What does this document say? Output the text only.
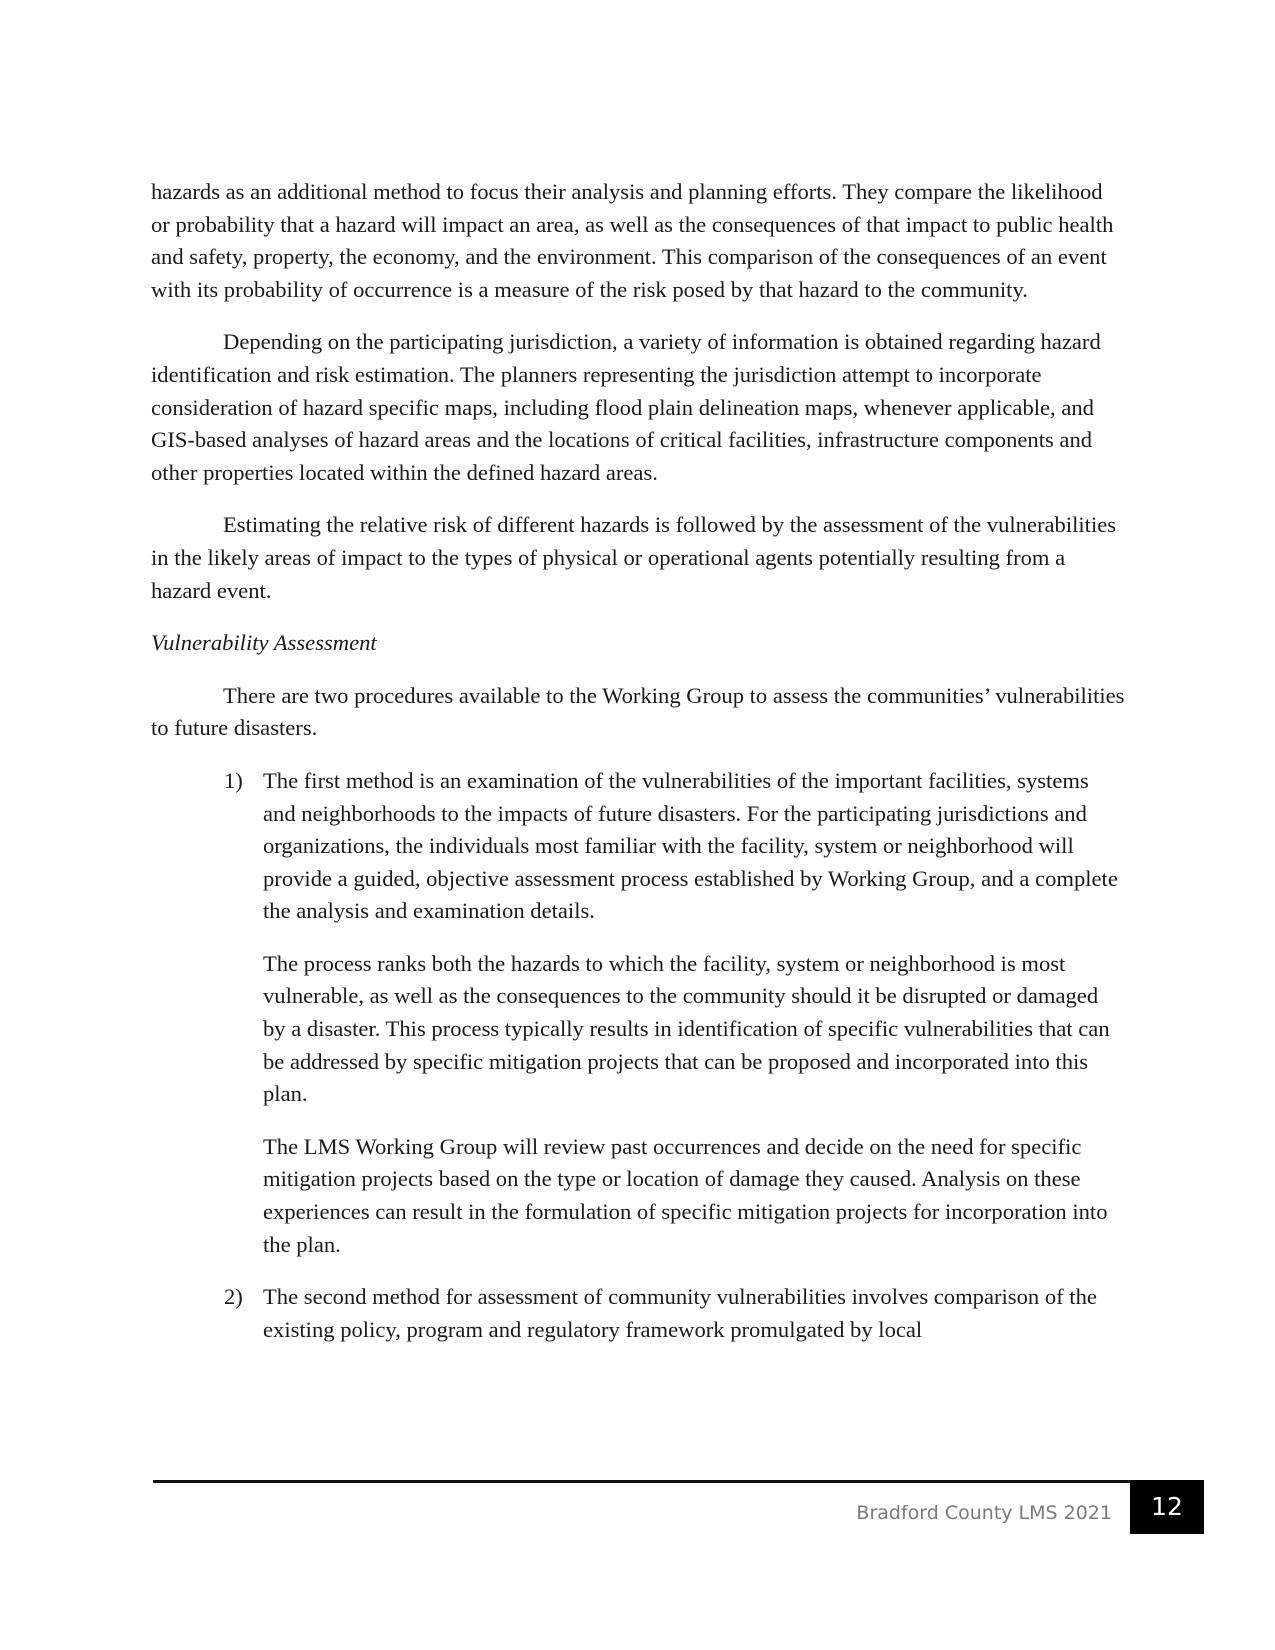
hazards as an additional method to focus their analysis and planning efforts. They compare the likelihood or probability that a hazard will impact an area, as well as the consequences of that impact to public health and safety, property, the economy, and the environment. This comparison of the consequences of an event with its probability of occurrence is a measure of the risk posed by that hazard to the community.

Depending on the participating jurisdiction, a variety of information is obtained regarding hazard identification and risk estimation. The planners representing the jurisdiction attempt to incorporate consideration of hazard specific maps, including flood plain delineation maps, whenever applicable, and GIS-based analyses of hazard areas and the locations of critical facilities, infrastructure components and other properties located within the defined hazard areas.

Estimating the relative risk of different hazards is followed by the assessment of the vulnerabilities in the likely areas of impact to the types of physical or operational agents potentially resulting from a hazard event.

Vulnerability Assessment

There are two procedures available to the Working Group to assess the communities’ vulnerabilities to future disasters.

1) The first method is an examination of the vulnerabilities of the important facilities, systems and neighborhoods to the impacts of future disasters. For the participating jurisdictions and organizations, the individuals most familiar with the facility, system or neighborhood will provide a guided, objective assessment process established by Working Group, and a complete the analysis and examination details.

The process ranks both the hazards to which the facility, system or neighborhood is most vulnerable, as well as the consequences to the community should it be disrupted or damaged by a disaster. This process typically results in identification of specific vulnerabilities that can be addressed by specific mitigation projects that can be proposed and incorporated into this plan.

The LMS Working Group will review past occurrences and decide on the need for specific mitigation projects based on the type or location of damage they caused. Analysis on these experiences can result in the formulation of specific mitigation projects for incorporation into the plan.

2) The second method for assessment of community vulnerabilities involves comparison of the existing policy, program and regulatory framework promulgated by local
Bradford County LMS 2021	12
